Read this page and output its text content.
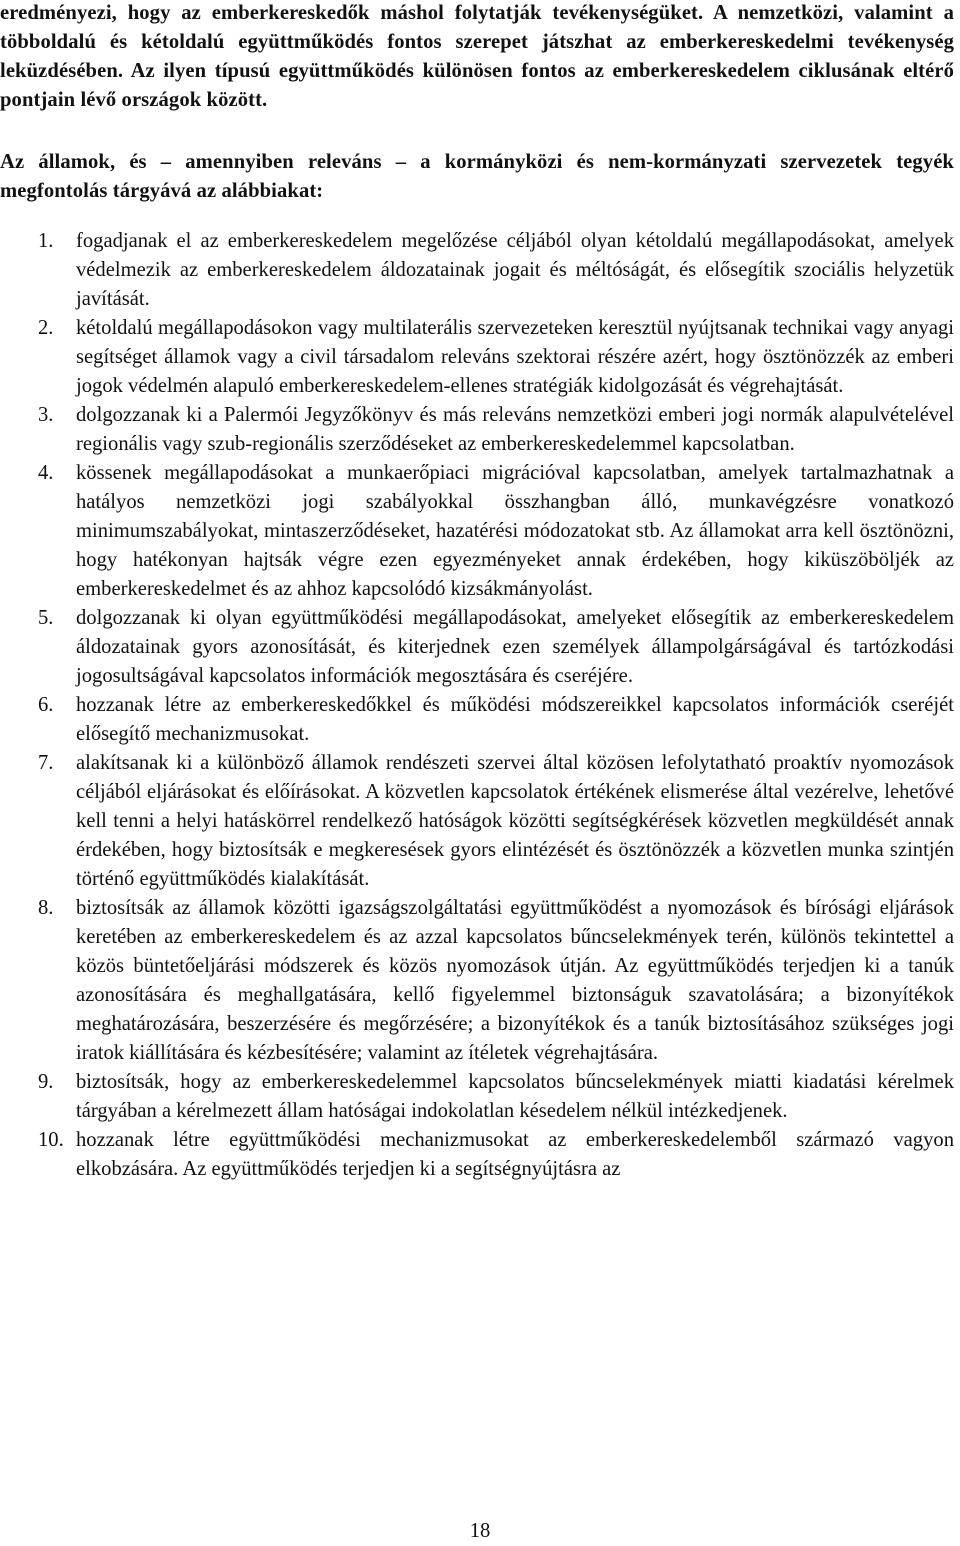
eredményezi, hogy az emberkereskedők máshol folytatják tevékenységüket. A nemzetközi, valamint a többoldalú és kétoldalú együttműködés fontos szerepet játszhat az emberkereskedelmi tevékenység leküzdésében. Az ilyen típusú együttműködés különösen fontos az emberkereskedelem ciklusának eltérő pontjain lévő országok között.

Az államok, és – amennyiben releváns – a kormányközi és nem-kormányzati szervezetek tegyék megfontolás tárgyává az alábbiakat:

1.	fogadjanak el az emberkereskedelem megelőzése céljából olyan kétoldalú megállapodásokat, amelyek védelmezik az emberkereskedelem áldozatainak jogait és méltóságát, és elősegítik szociális helyzetük javítását.
2.	kétoldalú megállapodásokon vagy multilaterális szervezeteken keresztül nyújtsanak technikai vagy anyagi segítséget államok vagy a civil társadalom releváns szektorai részére azért, hogy ösztönözzék az emberi jogok védelmén alapuló emberkereskedelem-ellenes stratégiák kidolgozását és végrehajtását.
3.	dolgozzanak ki a Palermói Jegyzőkönyv és más releváns nemzetközi emberi jogi normák alapulvételével regionális vagy szub-regionális szerződéseket az emberkereskedelemmel kapcsolatban.
4.	kössenek megállapodásokat a munkaerőpiaci migrációval kapcsolatban, amelyek tartalmazhatnak a hatályos nemzetközi jogi szabályokkal összhangban álló, munkavégzésre vonatkozó minimumszabályokat, mintaszerződéseket, hazatérési módozatokat stb. Az államokat arra kell ösztönözni, hogy hatékonyan hajtsák végre ezen egyezményeket annak érdekében, hogy kiküszöböljék az emberkereskedelmet és az ahhoz kapcsolódó kizsákmányolást.
5.	dolgozzanak ki olyan együttműködési megállapodásokat, amelyeket elősegítik az emberkereskedelem áldozatainak gyors azonosítását, és kiterjednek ezen személyek állampolgárságával és tartózkodási jogosultságával kapcsolatos információk megosztására és cseréjére.
6.	hozzanak létre az emberkereskedőkkel és működési módszereikkel kapcsolatos információk cseréjét elősegítő mechanizmusokat.
7.	alakítsanak ki a különböző államok rendészeti szervei által közösen lefolytatható proaktív nyomozások céljából eljárásokat és előírásokat. A közvetlen kapcsolatok értékének elismerése által vezérelve, lehetővé kell tenni a helyi hatáskörrel rendelkező hatóságok közötti segítségkérések közvetlen megküldését annak érdekében, hogy biztosítsák e megkeresések gyors elintézését és ösztönözzék a közvetlen munka szintjén történő együttműködés kialakítását.
8.	biztosítsák az államok közötti igazságszolgáltatási együttműködést a nyomozások és bírósági eljárások keretében az emberkereskedelem és az azzal kapcsolatos bűncselekmények terén, különös tekintettel a közös büntetőeljárási módszerek és közös nyomozások útján. Az együttműködés terjedjen ki a tanúk azonosítására és meghallgatására, kellő figyelemmel biztonságuk szavatolására; a bizonyítékok meghatározására, beszerzésére és megőrzésére; a bizonyítékok és a tanúk biztosításához szükséges jogi iratok kiállítására és kézbesítésére; valamint az ítéletek végrehajtására.
9.	biztosítsák, hogy az emberkereskedelemmel kapcsolatos bűncselekmények miatti kiadatási kérelmek tárgyában a kérelmezett állam hatóságai indokolatlan késedelem nélkül intézkedjenek.
10. hozzanak létre együttműködési mechanizmusokat az emberkereskedelemből származó vagyon elkobzására. Az együttműködés terjedjen ki a segítségnyújtásra az
18
